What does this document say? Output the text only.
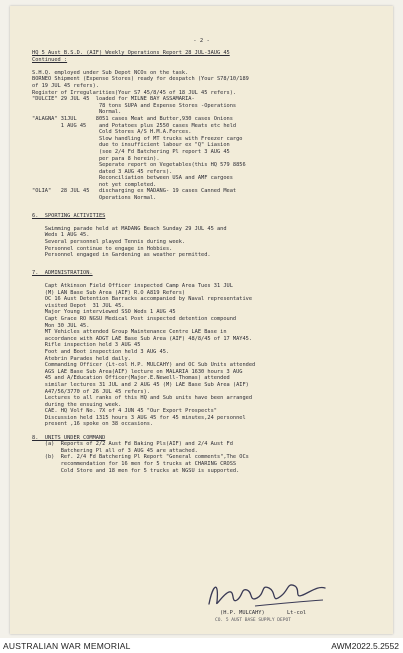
- 2 -
HQ 5 Aust B.S.D. (AIF) Weekly Operations Report 28 JUL-3AUG 45
Continued :
S.H.Q. employed under Sub Depot NCOs on the task.
BORNEO Shipment (Expense Stores) ready for despatch (Your S78/10/189
of 19 JUL 45 refers).
Register of Irregularities(Your S7 45/8/45 of 18 JUL 45 refers).
"DULCIE" 29 JUL 45  loaded for MILNE BAY ASSAMARIA-
78 tons SUPA and Expense Stores -Operations
Normal.
"ALAGNA" 31JUL      8051 cases Meat and Butter,930 cases Onions
1 AUG 45    and Potatoes plus 2550 cases Meats etc held
Cold Stores A/S H.M.A.Forces.
Slow handling of MT trucks with Freezer cargo
due to insufficient labour ex "Q" Liasion
(see 2/4 Fd Batchering Pl report 3 AUG 45
per para 8 herein).
Seperate report on Vegetables(this HQ 579 8856
dated 3 AUG 45 refers).
Reconciliation between USA and AMF cargoes
not yet completed.
"OLIA"   28 JUL 45   discharging ex MADANG- 19 cases Canned Meat
Operations Normal.
6.  SPORTING ACTIVITIES
Swimming parade held at MADANG Beach Sunday 29 JUL 45 and
Weds 1 AUG 45.
Several personnel played Tennis during week.
Personnel continue to engage in Hobbies.
Personnel engaged in Gardening as weather permitted.
7.  ADMINISTRATION.
Capt Atkinson Field Officer inspected Camp Area Tues 31 JUL
(M) LAN Base Sub Area (AIF) R.O A819 Refers)
OC 16 Aust Detention Barracks accompanied by Naval representative
visited Depot  31 JUL 45.
Major Young interviewed SSO Weds 1 AUG 45
Capt Grace RO NGSU Medical Post inspected detention compound
Mon 30 JUL 45.
MT Vehicles attended Group Maintenance Centre LAE Base in
accordance with ADGT LAE Base Sub Area (AIF) 48/8/45 of 17 MAY45.
Rifle inspection held 3 AUG 45
Foot and Boot inspection held 3 AUG 45.
Atebrin Parades held daily.
Commanding Officer (Lt-col H.P. MULCAHY) and OC Sub Units attended
AGS LAE Base Sub Area(AIF) lecture on MALARIA 1630 hours 3 AUG
45 and A/Education Officer(Major.E.Newell-Thomas) attended
similar lectures 31 JUL and 2 AUG 45 (M) LAE Base Sub Area (AIF)
A47/56/3770 of 26 JUL 45 refers).
Lectures to all ranks of this HQ and Sub units have been arranged
during the ensuing week.
CAE. HQ Volf No. 7X of 4 JUN 45 "Our Export Prospects"
Discussion held 1315 hours 3 AUG 45 for 45 minutes,24 personnel
present ,16 spoke on 38 occasions.
8.  UNITS UNDER COMMAND
(a)  Reports of 2/2 Aust Fd Baking Pls(AIF) and 2/4 Aust Fd
Batchering Pl all of 3 AUG 45 are attached.
(b)  Ref. 2/4 Fd Batchering Pl Report "General comments",The OCs
recommendation for 16 men for 5 trucks at CHARING CROSS
Cold Store and 18 men for 5 trucks at NGSU is supported.
(H.P. MULCAHY)	Lt-col
CO. 5 AUST BASE SUPPLY DEPOT
AUSTRALIAN WAR MEMORIAL	AWM2022.5.2552
